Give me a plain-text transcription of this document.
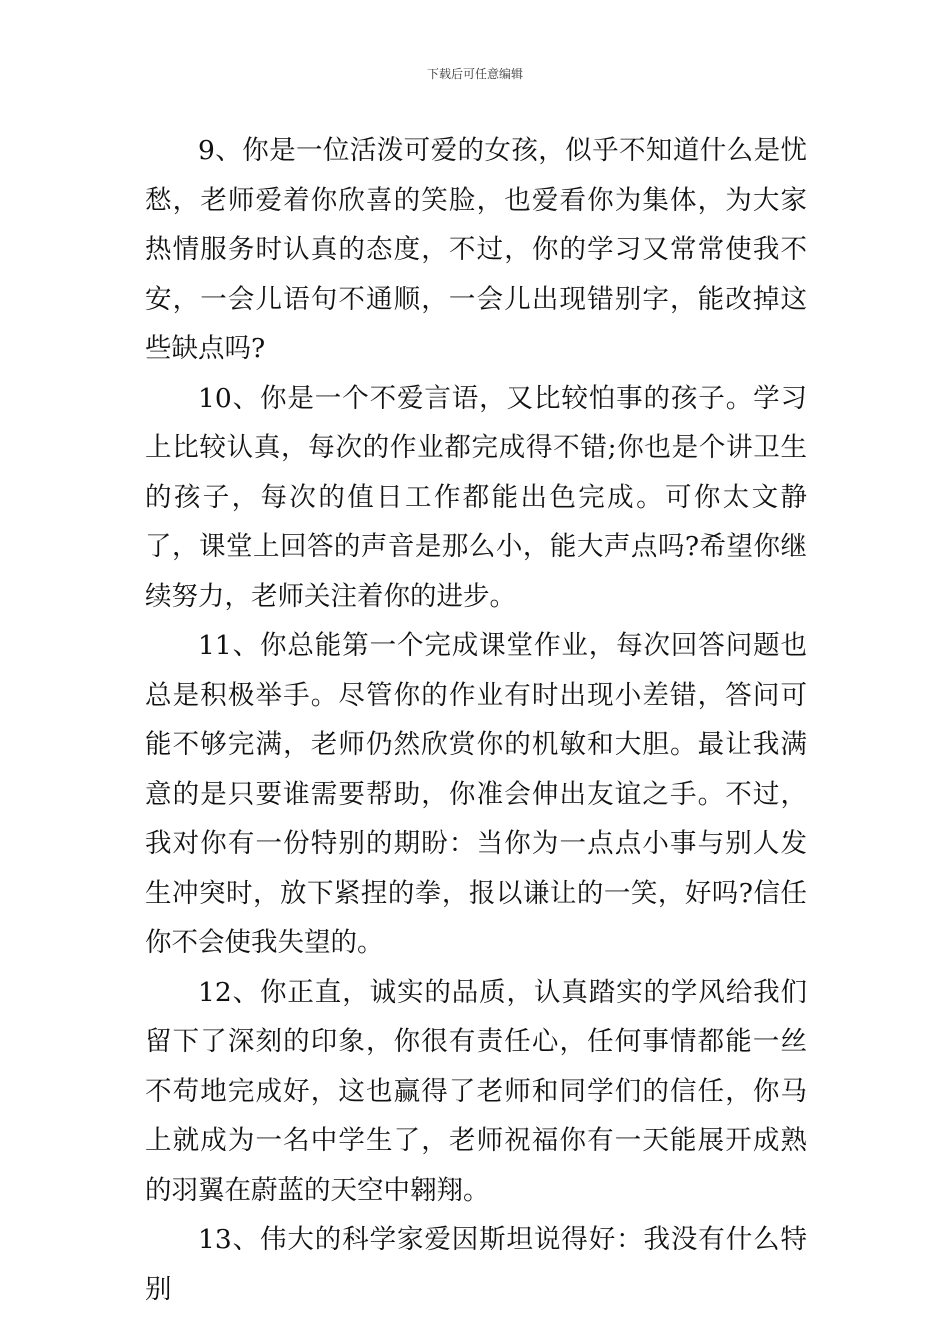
下载后可任意编辑

9、你是一位活泼可爱的女孩，似乎不知道什么是忧愁，老师爱着你欣喜的笑脸，也爱看你为集体，为大家热情服务时认真的态度，不过，你的学习又常常使我不安，一会儿语句不通顺，一会儿出现错别字，能改掉这些缺点吗?

10、你是一个不爱言语，又比较怕事的孩子。学习上比较认真，每次的作业都完成得不错;你也是个讲卫生的孩子，每次的值日工作都能出色完成。可你太文静了，课堂上回答的声音是那么小，能大声点吗?希望你继续努力，老师关注着你的进步。

11、你总能第一个完成课堂作业，每次回答问题也总是积极举手。尽管你的作业有时出现小差错，答问可能不够完满，老师仍然欣赏你的机敏和大胆。最让我满意的是只要谁需要帮助，你准会伸出友谊之手。不过，我对你有一份特别的期盼：当你为一点点小事与别人发生冲突时，放下紧捏的拳，报以谦让的一笑，好吗?信任你不会使我失望的。

12、你正直，诚实的品质，认真踏实的学风给我们留下了深刻的印象，你很有责任心，任何事情都能一丝不苟地完成好，这也赢得了老师和同学们的信任，你马上就成为一名中学生了，老师祝福你有一天能展开成熟的羽翼在蔚蓝的天空中翱翔。

13、伟大的科学家爱因斯坦说得好：我没有什么特别
